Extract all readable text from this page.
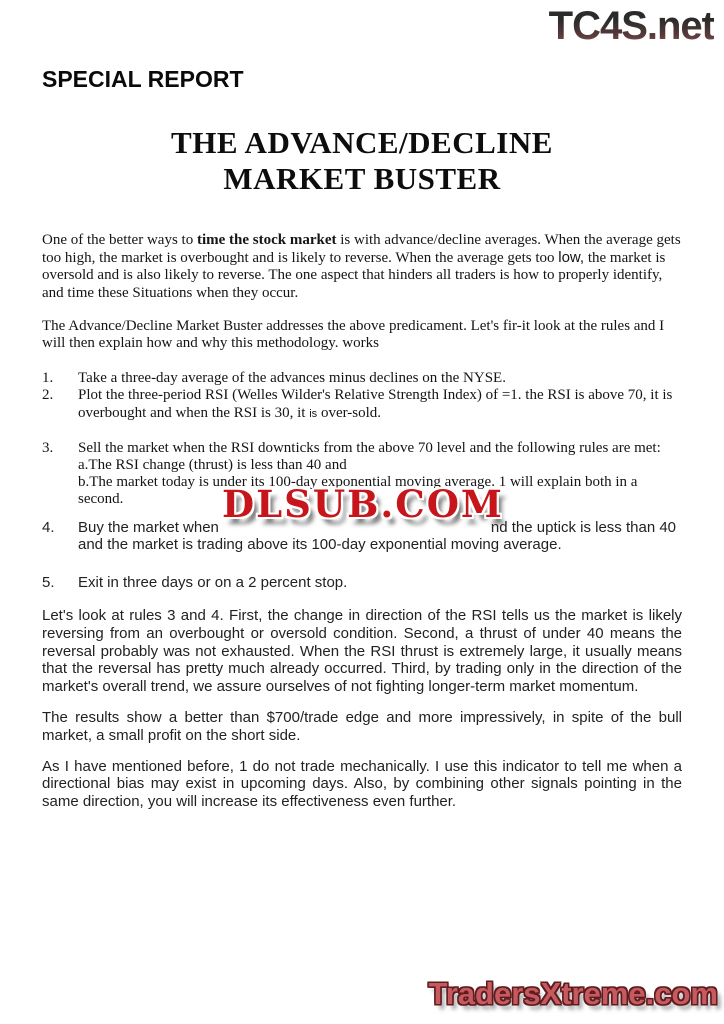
TC4S.net
SPECIAL REPORT
THE ADVANCE/DECLINE
MARKET BUSTER

One of the better ways to time the stock market is with advance/decline averages. When the average gets too high, the market is overbought and is likely to reverse. When the average gets too low, the market is oversold and is also likely to reverse. The one aspect that hinders all traders is how to properly identify, and time these Situations when they occur.

The Advance/Decline Market Buster addresses the above predicament. Let's fir-it look at the rules and I will then explain how and why this methodology. works

1.	Take a three-day average of the advances minus declines on the NYSE.
2.	Plot the three-period RSI (Welles Wilder's Relative Strength Index) of =1. the RSI is above 70, it is overbought and when the RSI is 30, it is over-sold.
3.	Sell the market when the RSI downticks from the above 70 level and the following rules are met:
a.The RSI change (thrust) is less than 40 and
b.The market today is under its 100-day exponential moving average. 1 will explain both in a second.
4.	Buy the market when	nd the uptick is less than 40
and the market is trading above its 100-day exponential moving average.
5.	Exit in three days or on a 2 percent stop.

Let's look at rules 3 and 4. First, the change in direction of the RSI tells us the market is likely reversing from an overbought or oversold condition. Second, a thrust of under 40 means the reversal probably was not exhausted. When the RSI thrust is extremely large, it usually means that the reversal has pretty much already occurred. Third, by trading only in the direction of the market's overall trend, we assure ourselves of not fighting longer-term market momentum.

The results show a better than $700/trade edge and more impressively, in spite of the bull market, a small profit on the short side.

As I have mentioned before, 1 do not trade mechanically. I use this indicator to tell me when a directional bias may exist in upcoming days. Also, by combining other signals pointing in the same direction, you will increase its effectiveness even further.

DLSUB.COM
TradersXtreme.com
